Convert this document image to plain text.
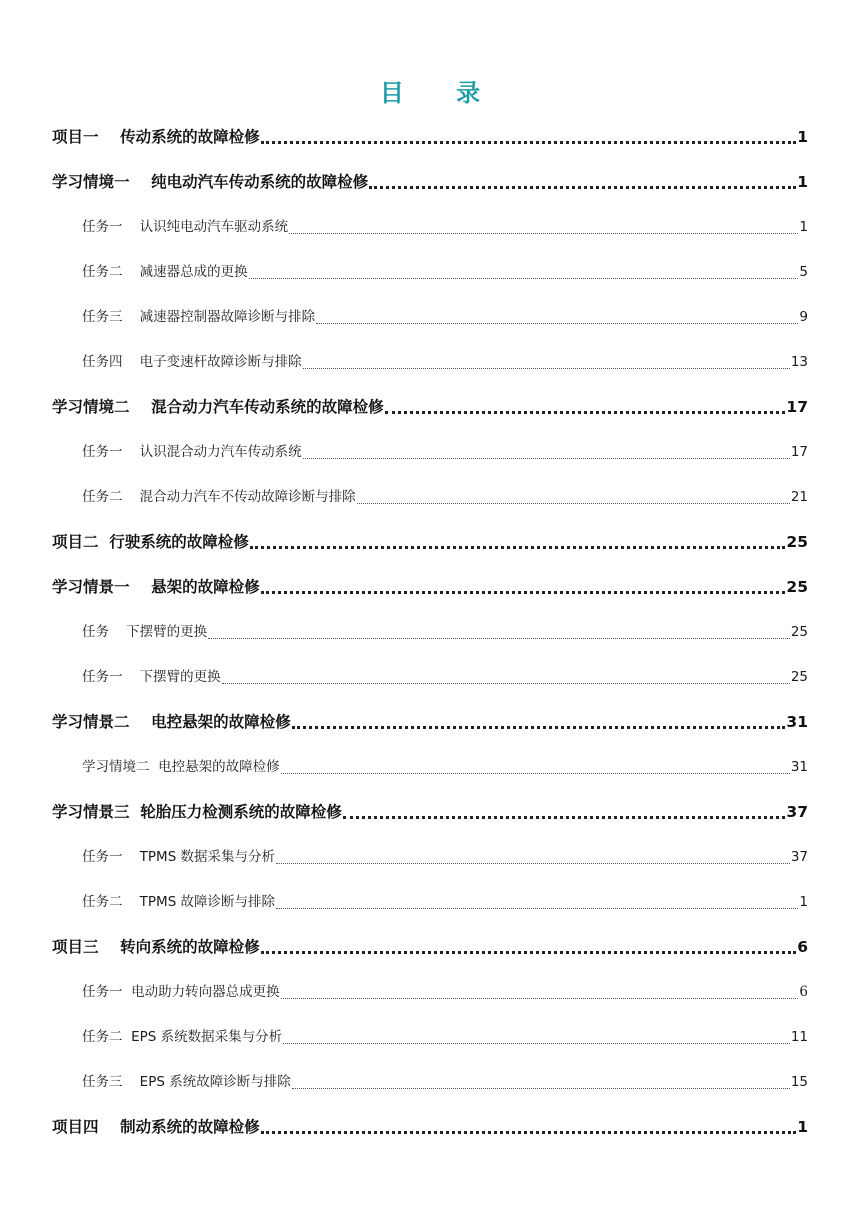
目 录
项目一    传动系统的故障检修	1
学习情境一    纯电动汽车传动系统的故障检修	1
任务一    认识纯电动汽车驱动系统	1
任务二    减速器总成的更换	5
任务三    减速器控制器故障诊断与排除	9
任务四    电子变速杆故障诊断与排除	13
学习情境二    混合动力汽车传动系统的故障检修	17
任务一    认识混合动力汽车传动系统	17
任务二    混合动力汽车不传动故障诊断与排除	21
项目二  行驶系统的故障检修	25
学习情景一    悬架的故障检修	25
任务    下摆臂的更换	25
任务一    下摆臂的更换	25
学习情景二    电控悬架的故障检修	31
学习情境二  电控悬架的故障检修	31
学习情景三  轮胎压力检测系统的故障检修	37
任务一    TPMS 数据采集与分析	37
任务二    TPMS 故障诊断与排除	1
项目三    转向系统的故障检修	6
任务一  电动助力转向器总成更换	6
任务二  EPS 系统数据采集与分析	11
任务三    EPS 系统故障诊断与排除	15
项目四    制动系统的故障检修	1
